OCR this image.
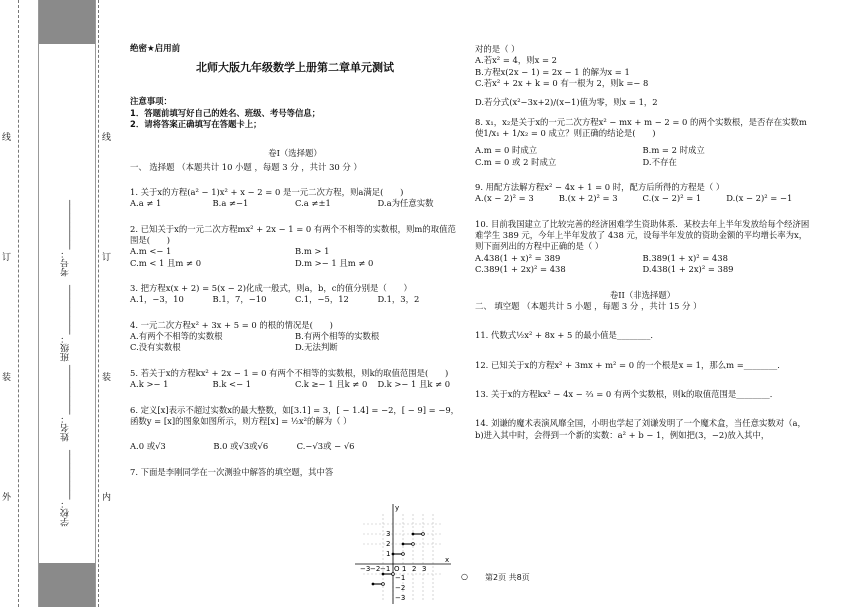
线
订
装
外
考号：___________
班级：___________
姓名：___________
学校：___________
线
订
装
内

绝密★启用前

北师大版九年级数学上册第二章单元测试

注意事项：

1．答题前填写好自己的姓名、班级、考号等信息；

2．请将答案正确填写在答题卡上；

卷I（选择题）

一、 选择题 （本题共计 10 小题 ，每题 3 分 ，共计 30 分 ）

1. 关于x的方程(a² − 1)x² + x − 2 = 0 是一元二次方程，则a满足(　　)

A.a ≠ 1	B.a ≠−1	C.a ≠±1	D.a为任意实数

2. 已知关于x的一元二次方程mx² + 2x − 1 = 0 有两个不相等的实数根，则m的取值范围是(　　)

A.m <− 1	B.m > 1
C.m < 1 且m ≠ 0	D.m >− 1 且m ≠ 0

3. 把方程x(x + 2) = 5(x − 2)化成一般式，则a，b，c的值分别是（　　）

A.1，−3，10	B.1，7，−10	C.1，−5，12	D.1，3，2

4. 一元二次方程x² + 3x + 5 = 0 的根的情况是(　　)

A.有两个不相等的实数根	B.有两个相等的实数根
C.没有实数根	D.无法判断

5. 若关于x的方程kx² + 2x − 1 = 0 有两个不相等的实数根，则k的取值范围是(　　)

A.k >− 1	B.k <− 1	C.k ≥− 1 且k ≠ 0	D.k >− 1 且k ≠ 0

6. 定义[x]表示不超过实数x的最大整数，如[3.1] = 3，[ − 1.4] = −2，[ − 9] = −9，函数y = [x]的图象如图所示，则方程[x] = ½x²的解为（ ）

A.0 或√3	B.0 或√3或√6	C.−√3或 − √6

7. 下面是李刚同学在一次测验中解答的填空题，其中答

−3 −2 −1 O 1 2 3
x
y
3
2
1
−1
−2
−3

对的是（ ）

A.若x² = 4，则x = 2

B.方程x(2x − 1) = 2x − 1 的解为x = 1

C.若x² + 2x + k = 0 有一根为 2，则k =− 8

D.若分式(x²−3x+2)/(x−1)值为零，则x = 1，2

8. x₁，x₂是关于x的一元二次方程x² − mx + m − 2 = 0 的两个实数根，是否存在实数m使1/x₁ + 1/x₂ = 0 成立？则正确的结论是(　　)

A.m = 0 时成立	B.m = 2 时成立
C.m = 0 或 2 时成立	D.不存在

9. 用配方法解方程x² − 4x + 1 = 0 时，配方后所得的方程是（ ）

A.(x − 2)² = 3	B.(x + 2)² = 3	C.(x − 2)² = 1	D.(x − 2)² = −1

10. 目前我国建立了比较完善的经济困难学生资助体系．某校去年上半年发放给每个经济困难学生 389 元，今年上半年发放了 438 元，设每半年发放的资助金额的平均增长率为x，则下面列出的方程中正确的是（ ）

A.438(1 + x)² = 389	B.389(1 + x)² = 438
C.389(1 + 2x)² = 438	D.438(1 + 2x)² = 389

卷II（非选择题）

二、 填空题 （本题共计 5 小题 ，每题 3 分 ，共计 15 分 ）

11. 代数式½x² + 8x + 5 的最小值是________．

12. 已知关于x的方程x² + 3mx + m² = 0 的一个根是x = 1，那么m =________．

13. 关于x的方程kx² − 4x − ⅔ = 0 有两个实数根，则k的取值范围是________．

14. 刘谦的魔术表演风靡全国，小明也学起了刘谦发明了一个魔术盒，当任意实数对（a，b)进入其中时，会得到一个新的实数：a² + b − 1，例如把(3，−2)放入其中，

○ 第2页 共8页
